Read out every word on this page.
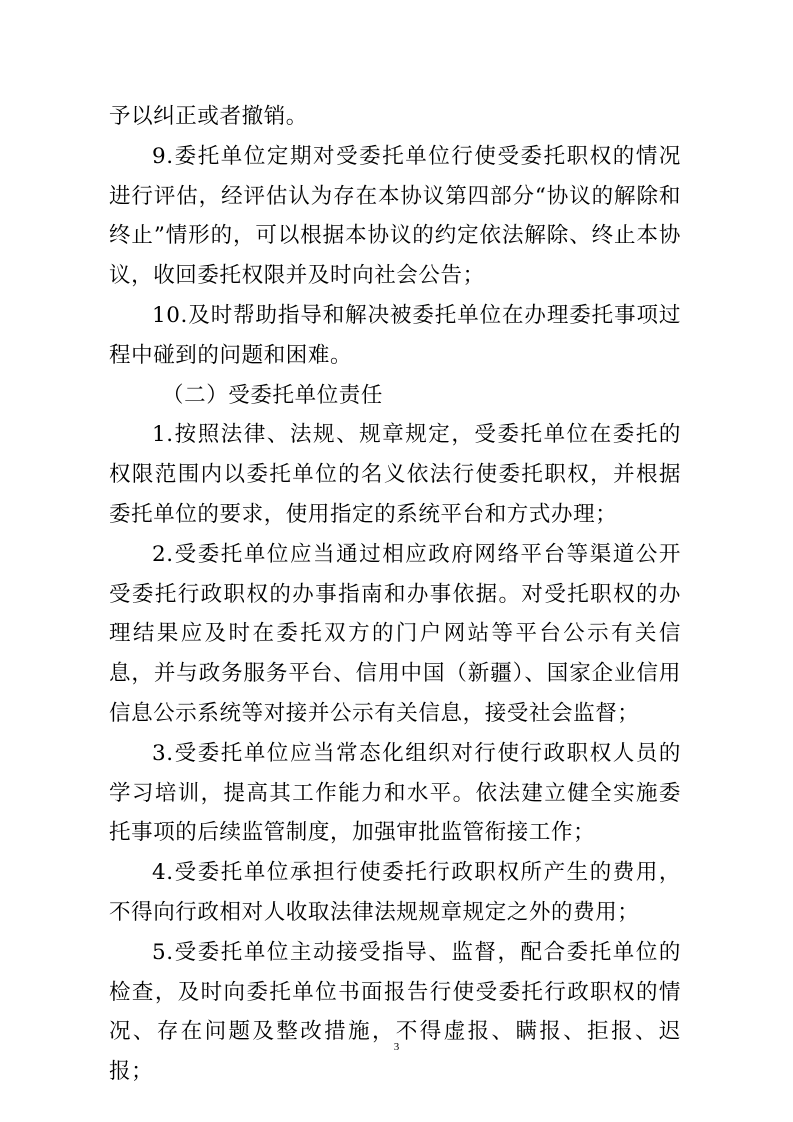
予以纠正或者撤销。

9.委托单位定期对受委托单位行使受委托职权的情况进行评估，经评估认为存在本协议第四部分“协议的解除和终止”情形的，可以根据本协议的约定依法解除、终止本协议，收回委托权限并及时向社会公告；

10.及时帮助指导和解决被委托单位在办理委托事项过程中碰到的问题和困难。

（二）受委托单位责任

1.按照法律、法规、规章规定，受委托单位在委托的权限范围内以委托单位的名义依法行使委托职权，并根据委托单位的要求，使用指定的系统平台和方式办理；

2.受委托单位应当通过相应政府网络平台等渠道公开受委托行政职权的办事指南和办事依据。对受托职权的办理结果应及时在委托双方的门户网站等平台公示有关信息，并与政务服务平台、信用中国（新疆）、国家企业信用信息公示系统等对接并公示有关信息，接受社会监督；

3.受委托单位应当常态化组织对行使行政职权人员的学习培训，提高其工作能力和水平。依法建立健全实施委托事项的后续监管制度，加强审批监管衔接工作；

4.受委托单位承担行使委托行政职权所产生的费用，不得向行政相对人收取法律法规规章规定之外的费用；

5.受委托单位主动接受指导、监督，配合委托单位的检查，及时向委托单位书面报告行使受委托行政职权的情况、存在问题及整改措施，不得虚报、瞒报、拒报、迟报；

3
